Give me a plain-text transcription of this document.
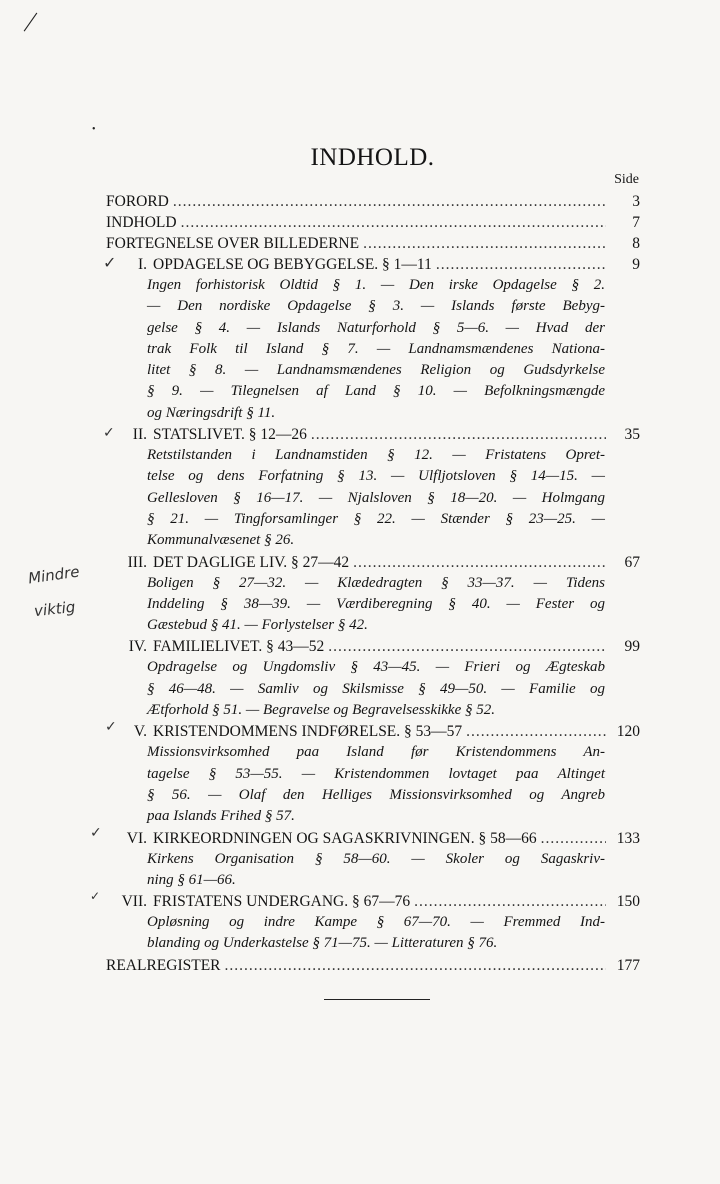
—
•
INDHOLD.
Side
FORORD .....	3
INDHOLD .....	7
FORTEGNELSE OVER BILLEDERNE .....	8
I. OPDAGELSE OG BEBYGGELSE. § 1—11 .....	9
Ingen forhistorisk Oldtid § 1. — Den irske Opdagelse § 2.
— Den nordiske Opdagelse § 3. — Islands første Bebyg-
gelse § 4. — Islands Naturforhold § 5—6. — Hvad der
trak Folk til Island § 7. — Landnamsmændenes Nationa-
litet § 8. — Landnamsmændenes Religion og Gudsdyrkelse
§ 9. — Tilegnelsen af Land § 10. — Befolkningsmængde
og Næringsdrift § 11.
II. STATSLIVET. § 12—26 .....	35
Retstilstanden i Landnamstiden § 12. — Fristatens Opret-
telse og dens Forfatning § 13. — Ulfljotsloven § 14—15. —
Gellesloven § 16—17. — Njalsloven § 18—20. — Holmgang
§ 21. — Tingforsamlinger § 22. — Stænder § 23—25. —
Kommunalvæsenet § 26.
III. DET DAGLIGE LIV. § 27—42 .....	67
Boligen § 27—32. — Klædedragten § 33—37. — Tidens
Inddeling § 38—39. — Værdiberegning § 40. — Fester og
Gæstebud § 41. — Forlystelser § 42.
IV. FAMILIELIVET. § 43—52 .....	99
Opdragelse og Ungdomsliv § 43—45. — Frieri og Ægteskab
§ 46—48. — Samliv og Skilsmisse § 49—50. — Familie og
Ætforhold § 51. — Begravelse og Begravelsesskikke § 52.
V. KRISTENDOMMENS INDFØRELSE. § 53—57 .....	120
Missionsvirksomhed paa Island før Kristendommens An-
tagelse § 53—55. — Kristendommen lovtaget paa Altinget
§ 56. — Olaf den Helliges Missionsvirksomhed og Angreb
paa Islands Frihed § 57.
VI. KIRKEORDNINGEN OG SAGASKRIVNINGEN. § 58—66 .....	133
Kirkens Organisation § 58—60. — Skoler og Sagaskriv-
ning § 61—66.
VII. FRISTATENS UNDERGANG. § 67—76 .....	150
Opløsning og indre Kampe § 67—70. — Fremmed Ind-
blanding og Underkastelse § 71—75. — Litteraturen § 76.
REALREGISTER .....	177
Mindre
viktig
✓
✓
✓
✓
✓
